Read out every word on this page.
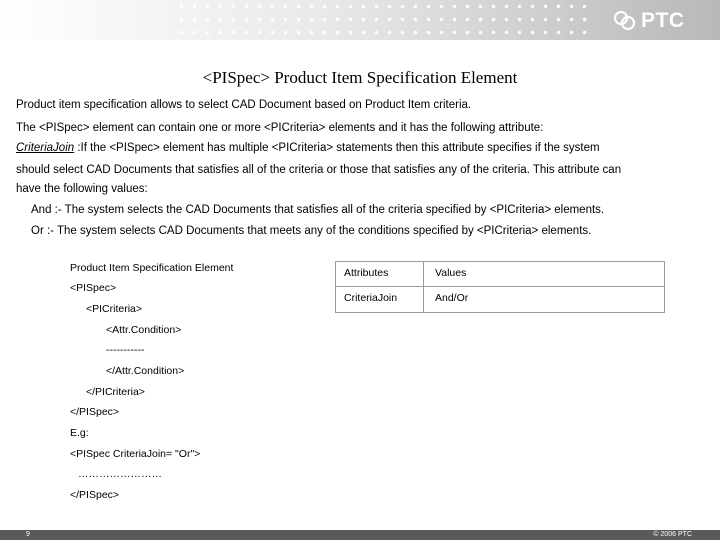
PTC
<PISpec> Product Item Specification Element
Product item specification allows to select CAD Document based on Product Item criteria.
The <PISpec> element can contain one or more <PICriteria> elements and it has the following attribute:
CriteriaJoin :If the <PISpec> element has multiple <PICriteria> statements then this attribute specifies if the system
should select CAD Documents that satisfies all of the criteria or those that satisfies any of the criteria. This attribute can
have the following values:
And :- The system selects the CAD Documents that satisfies all of the criteria specified by <PICriteria> elements.
Or :- The system selects CAD Documents that meets any of the conditions specified by <PICriteria> elements.
Product Item Specification Element
<PISpec>
<PICriteria>
<Attr.Condition>
-----------
</Attr.Condition>
</PICriteria>
</PISpec>
E.g:
<PISpec CriteriaJoin= "Or">
……………………
</PISpec>
Attributes	Values
CriteriaJoin	And/Or
9	© 2006 PTC
